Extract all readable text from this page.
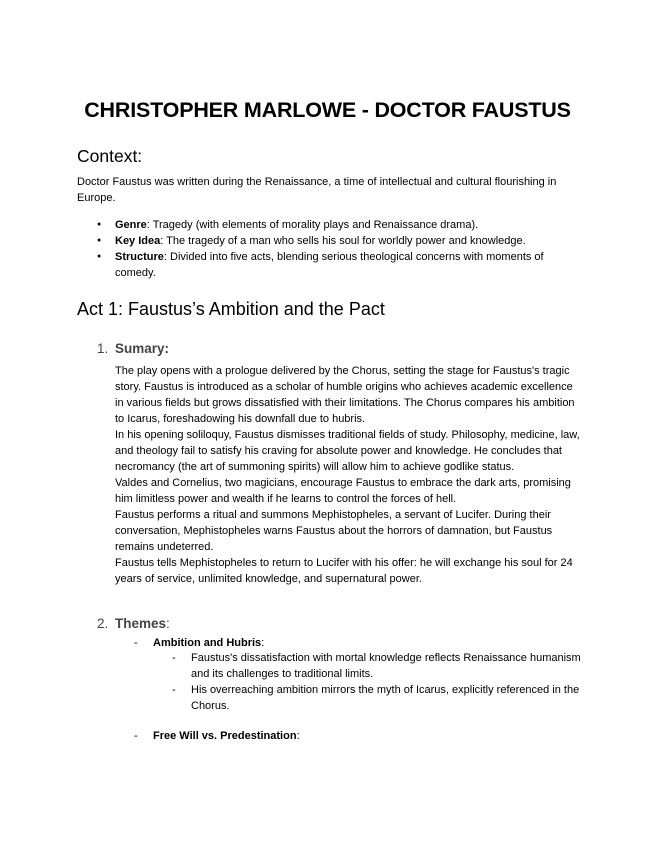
CHRISTOPHER MARLOWE - DOCTOR FAUSTUS
Context:

Doctor Faustus was written during the Renaissance, a time of intellectual and cultural flourishing in Europe.

● Genre: Tragedy (with elements of morality plays and Renaissance drama).
● Key Idea: The tragedy of a man who sells his soul for worldly power and knowledge.
● Structure: Divided into five acts, blending serious theological concerns with moments of comedy.
Act 1: Faustus’s Ambition and the Pact
1. Sumary:

The play opens with a prologue delivered by the Chorus, setting the stage for Faustus's tragic story. Faustus is introduced as a scholar of humble origins who achieves academic excellence in various fields but grows dissatisfied with their limitations. The Chorus compares his ambition to Icarus, foreshadowing his downfall due to hubris.

In his opening soliloquy, Faustus dismisses traditional fields of study. Philosophy, medicine, law, and theology fail to satisfy his craving for absolute power and knowledge. He concludes that necromancy (the art of summoning spirits) will allow him to achieve godlike status.

Valdes and Cornelius, two magicians, encourage Faustus to embrace the dark arts, promising him limitless power and wealth if he learns to control the forces of hell.

Faustus performs a ritual and summons Mephistopheles, a servant of Lucifer. During their conversation, Mephistopheles warns Faustus about the horrors of damnation, but Faustus remains undeterred.

Faustus tells Mephistopheles to return to Lucifer with his offer: he will exchange his soul for 24 years of service, unlimited knowledge, and supernatural power.

2. Themes:
- Ambition and Hubris:
- Faustus's dissatisfaction with mortal knowledge reflects Renaissance humanism and its challenges to traditional limits.
- His overreaching ambition mirrors the myth of Icarus, explicitly referenced in the Chorus.
- Free Will vs. Predestination:
